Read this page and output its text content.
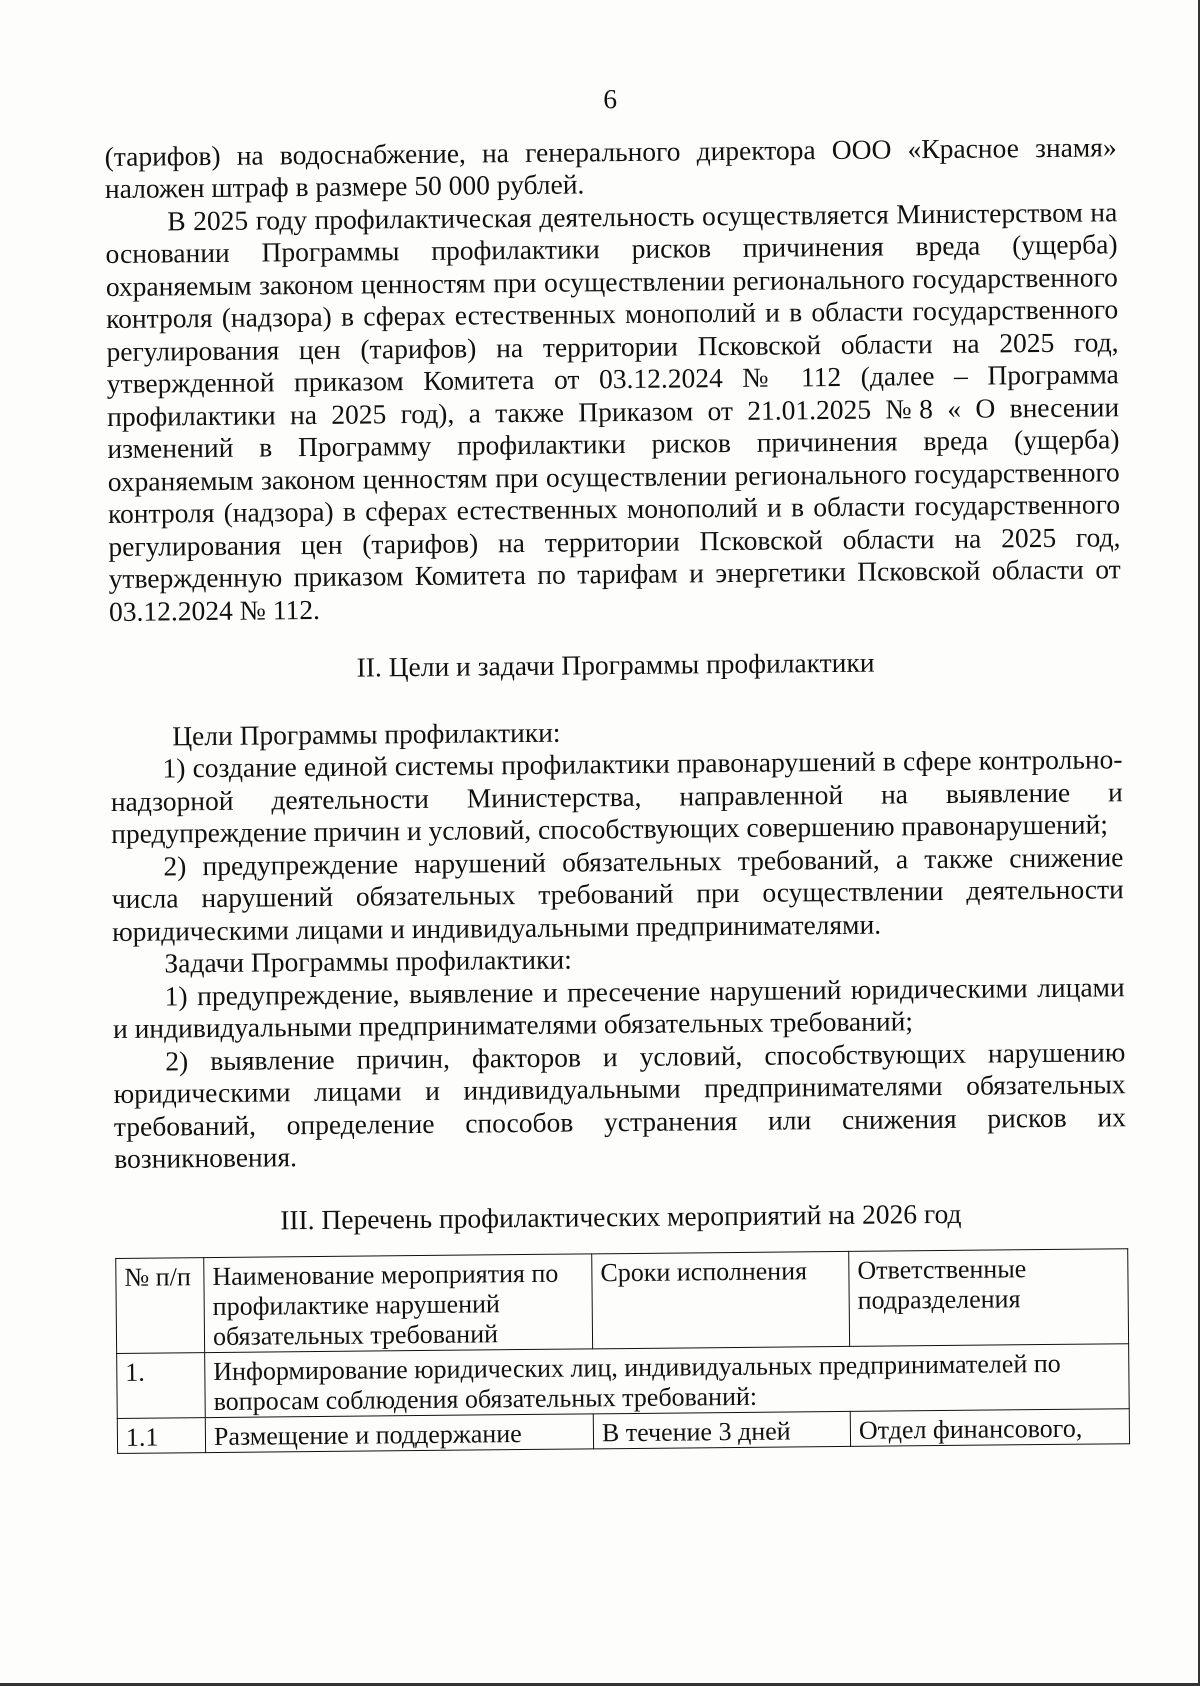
6

(тарифов) на водоснабжение, на генерального директора ООО «Красное знамя» наложен штраф в размере 50 000 рублей.

В 2025 году профилактическая деятельность осуществляется Министерством на основании Программы профилактики рисков причинения вреда (ущерба) охраняемым законом ценностям при осуществлении регионального государственного контроля (надзора) в сферах естественных монополий и в области государственного регулирования цен (тарифов) на территории Псковской области на 2025 год, утвержденной приказом Комитета от 03.12.2024 № 112 (далее – Программа профилактики на 2025 год), а также Приказом от 21.01.2025 №8 « О внесении изменений в Программу профилактики рисков причинения вреда (ущерба) охраняемым законом ценностям при осуществлении регионального государственного контроля (надзора) в сферах естественных монополий и в области государственного регулирования цен (тарифов) на территории Псковской области на 2025 год, утвержденную приказом Комитета по тарифам и энергетики Псковской области от 03.12.2024 № 112.

II. Цели и задачи Программы профилактики

Цели Программы профилактики:

1) создание единой системы профилактики правонарушений в сфере контрольно-надзорной деятельности Министерства, направленной на выявление и предупреждение причин и условий, способствующих совершению правонарушений;

2) предупреждение нарушений обязательных требований, а также снижение числа нарушений обязательных требований при осуществлении деятельности юридическими лицами и индивидуальными предпринимателями.

Задачи Программы профилактики:

1) предупреждение, выявление и пресечение нарушений юридическими лицами и индивидуальными предпринимателями обязательных требований;

2) выявление причин, факторов и условий, способствующих нарушению юридическими лицами и индивидуальными предпринимателями обязательных требований, определение способов устранения или снижения рисков их возникновения.

III. Перечень профилактических мероприятий на 2026 год
№ п/п	Наименование мероприятия по профилактике нарушений обязательных требований	Сроки исполнения	Ответственные подразделения
1.	Информирование юридических лиц, индивидуальных предпринимателей по вопросам соблюдения обязательных требований:		
1.1	Размещение и поддержание	В течение 3 дней	Отдел финансового,
